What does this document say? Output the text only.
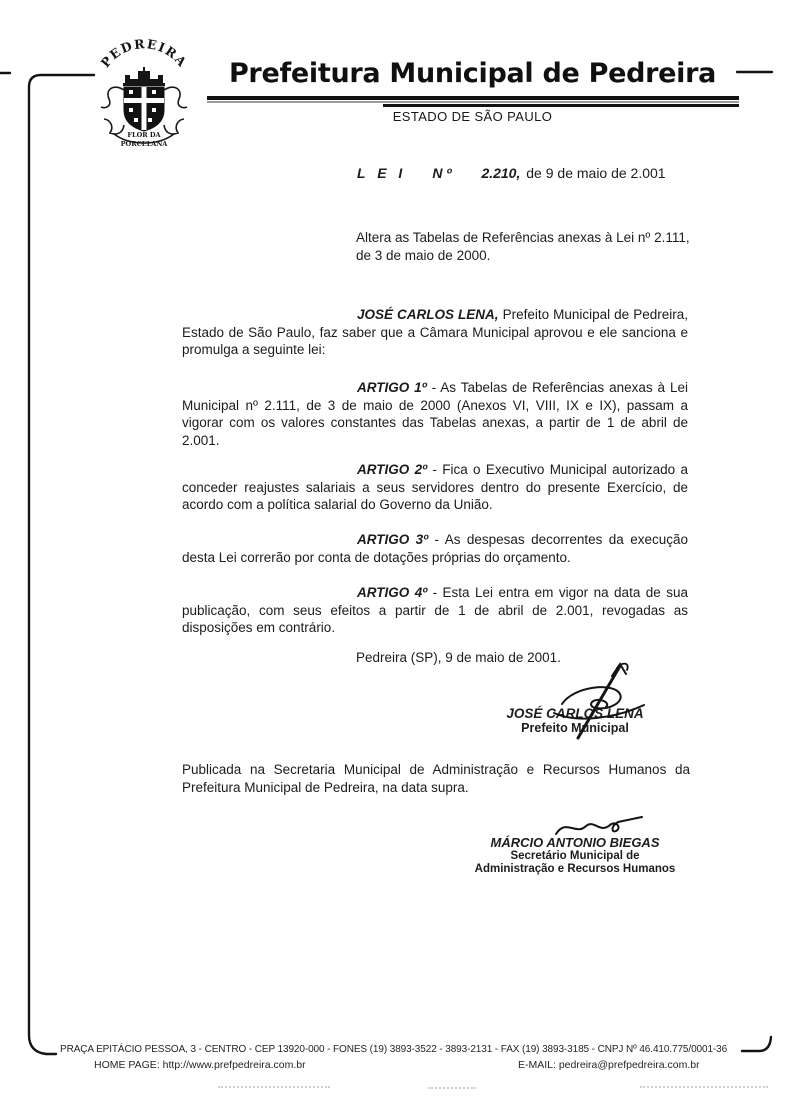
PEDREIRA
FLOR DA
PORCELANA
Prefeitura Municipal de Pedreira
ESTADO DE SÃO PAULO

L E I N º 2.210, de 9 de maio de 2.001

Altera as Tabelas de Referências anexas à Lei nº 2.111, de 3 de maio de 2000.

JOSÉ CARLOS LENA, Prefeito Municipal de Pedreira, Estado de São Paulo, faz saber que a Câmara Municipal aprovou e ele sanciona e promulga a seguinte lei:

ARTIGO 1º - As Tabelas de Referências anexas à Lei Municipal nº 2.111, de 3 de maio de 2000 (Anexos VI, VIII, IX e IX), passam a vigorar com os valores constantes das Tabelas anexas, a partir de 1 de abril de 2.001.

ARTIGO 2º - Fica o Executivo Municipal autorizado a conceder reajustes salariais a seus servidores dentro do presente Exercício, de acordo com a política salarial do Governo da União.

ARTIGO 3º - As despesas decorrentes da execução desta Lei correrão por conta de dotações próprias do orçamento.

ARTIGO 4º - Esta Lei entra em vigor na data de sua publicação, com seus efeitos a partir de 1 de abril de 2.001, revogadas as disposições em contrário.

Pedreira (SP), 9 de maio de 2001.

JOSÉ CARLOS LENA
Prefeito Municipal

Publicada na Secretaria Municipal de Administração e Recursos Humanos da Prefeitura Municipal de Pedreira, na data supra.

MÁRCIO ANTONIO BIEGAS
Secretário Municipal de
Administração e Recursos Humanos
PRAÇA EPITÁCIO PESSOA, 3 - CENTRO - CEP 13920-000 - FONES (19) 3893-3522 - 3893-2131 - FAX (19) 3893-3185 - CNPJ Nº 46.410.775/0001-36
HOME PAGE: http://www.prefpedreira.com.br	E-MAIL: pedreira@prefpedreira.com.br
